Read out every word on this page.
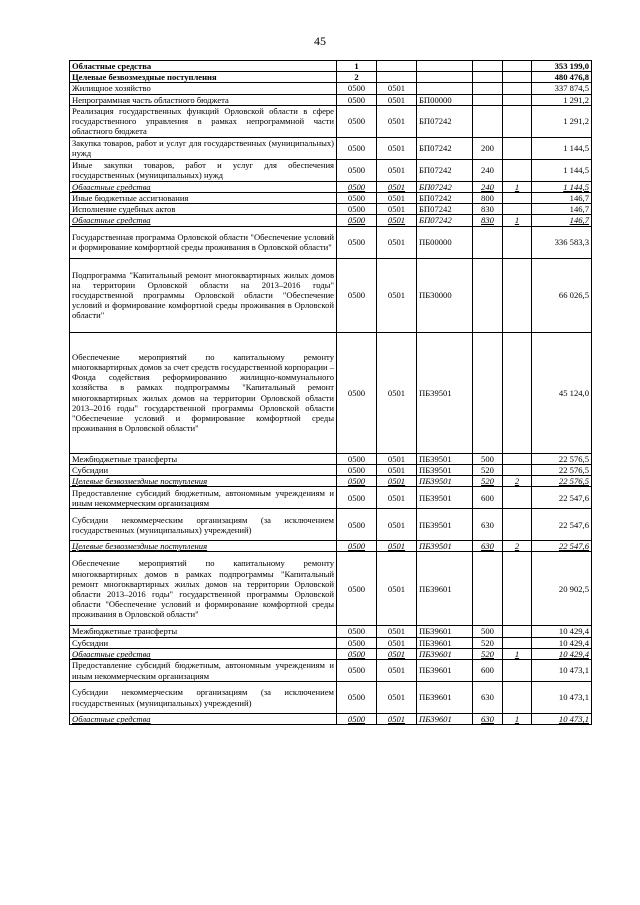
45
Областные средства	1					353 199,0
Целевые безвозмездные поступления	2					480 476,8
Жилищное хозяйство	0500	0501				337 874,5
Непрограммная часть областного бюджета	0500	0501	БП00000			1 291,2
Реализация государственных функций Орловской области в сфере государственного управления в рамках непрограммной части областного бюджета	0500	0501	БП07242			1 291,2
Закупка товаров, работ и услуг для государственных (муниципальных) нужд	0500	0501	БП07242	200		1 144,5
Иные закупки товаров, работ и услуг для обеспечения государственных (муниципальных) нужд	0500	0501	БП07242	240		1 144,5
Областные средства	0500	0501	БП07242	240	1	1 144,5
Иные бюджетные ассигнования	0500	0501	БП07242	800		146,7
Исполнение судебных актов	0500	0501	БП07242	830		146,7
Областные средства	0500	0501	БП07242	830	1	146,7
Государственная программа Орловской области "Обеспечение условий и формирование комфортной среды проживания в Орловской области"	0500	0501	ПБ00000			336 583,3
Подпрограмма "Капитальный ремонт многоквартирных жилых домов на территории Орловской области на 2013–2016 годы" государственной программы Орловской области "Обеспечение условий и формирование комфортной среды проживания в Орловской области"	0500	0501	ПБ30000			66 026,5
Обеспечение мероприятий по капитальному ремонту многоквартирных домов за счет средств государственной корпорации – Фонда содействия реформированию жилищно-коммунального хозяйства в рамках подпрограммы "Капитальный ремонт многоквартирных жилых домов на территории Орловской области 2013–2016 годы" государственной программы Орловской области "Обеспечение условий и формирование комфортной среды проживания в Орловской области"	0500	0501	ПБ39501			45 124,0
Межбюджетные трансферты	0500	0501	ПБ39501	500		22 576,5
Субсидии	0500	0501	ПБ39501	520		22 576,5
Целевые безвозмездные поступления	0500	0501	ПБ39501	520	2	22 576,5
Предоставление субсидий бюджетным, автономным учреждениям и иным некоммерческим организациям	0500	0501	ПБ39501	600		22 547,6
Субсидии некоммерческим организациям (за исключением государственных (муниципальных) учреждений)	0500	0501	ПБ39501	630		22 547,6
Целевые безвозмездные поступления	0500	0501	ПБ39501	630	2	22 547,6
Обеспечение мероприятий по капитальному ремонту многоквартирных домов в рамках подпрограммы "Капитальный ремонт многоквартирных жилых домов на территории Орловской области 2013–2016 годы" государственной программы Орловской области "Обеспечение условий и формирование комфортной среды проживания в Орловской области"	0500	0501	ПБ39601			20 902,5
Межбюджетные трансферты	0500	0501	ПБ39601	500		10 429,4
Субсидии	0500	0501	ПБ39601	520		10 429,4
Областные средства	0500	0501	ПБ39601	520	1	10 429,4
Предоставление субсидий бюджетным, автономным учреждениям и иным некоммерческим организациям	0500	0501	ПБ39601	600		10 473,1
Субсидии некоммерческим организациям (за исключением государственных (муниципальных) учреждений)	0500	0501	ПБ39601	630		10 473,1
Областные средства	0500	0501	ПБ39601	630	1	10 473,1
